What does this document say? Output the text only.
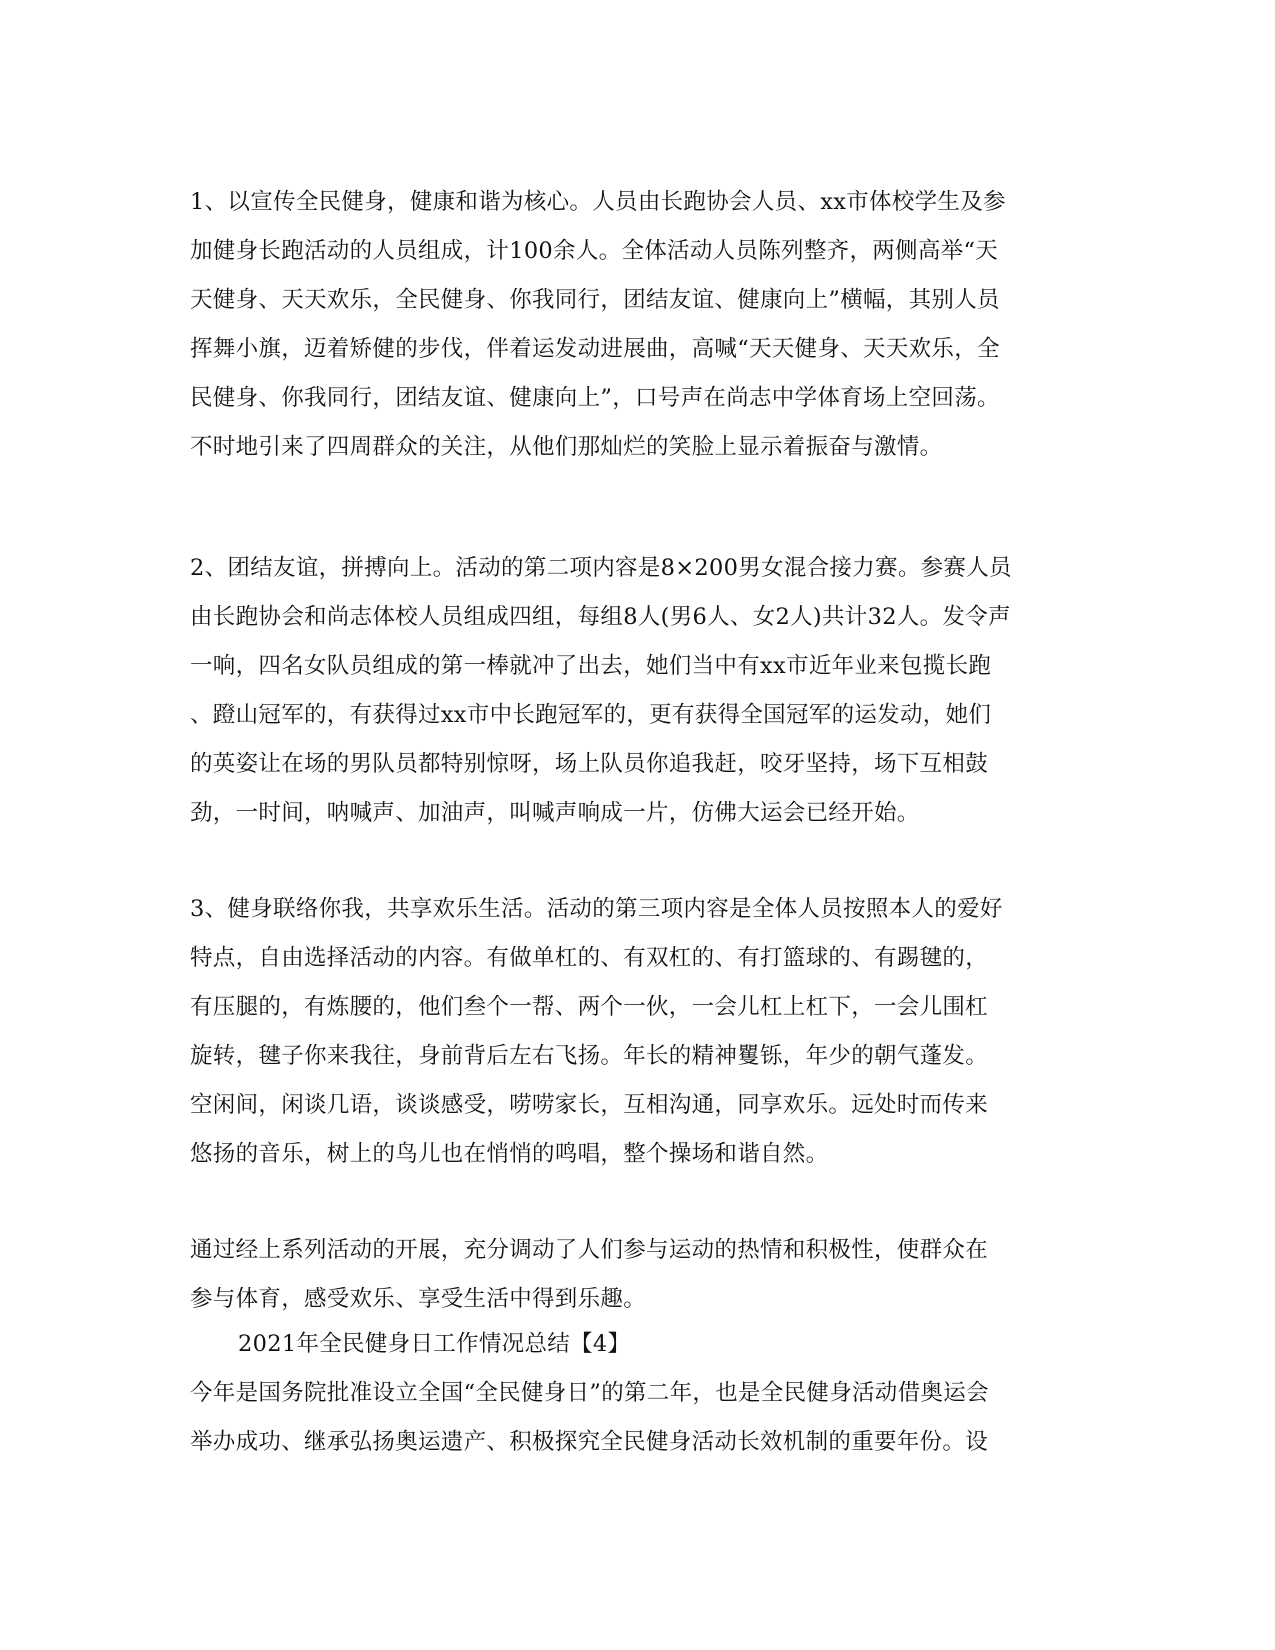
1、以宣传全民健身，健康和谐为核心。人员由长跑协会人员、xx市体校学生及参
加健身长跑活动的人员组成，计100余人。全体活动人员陈列整齐，两侧高举“天
天健身、天天欢乐，全民健身、你我同行，团结友谊、健康向上”横幅，其别人员
挥舞小旗，迈着矫健的步伐，伴着运发动进展曲，高喊“天天健身、天天欢乐，全
民健身、你我同行，团结友谊、健康向上”，口号声在尚志中学体育场上空回荡。
不时地引来了四周群众的关注，从他们那灿烂的笑脸上显示着振奋与激情。
2、团结友谊，拼搏向上。活动的第二项内容是8×200男女混合接力赛。参赛人员
由长跑协会和尚志体校人员组成四组，每组8人(男6人、女2人)共计32人。发令声
一响，四名女队员组成的第一棒就冲了出去，她们当中有xx市近年业来包揽长跑
、蹬山冠军的，有获得过xx市中长跑冠军的，更有获得全国冠军的运发动，她们
的英姿让在场的男队员都特别惊呀，场上队员你追我赶，咬牙坚持，场下互相鼓
劲，一时间，呐喊声、加油声，叫喊声响成一片，仿佛大运会已经开始。
3、健身联络你我，共享欢乐生活。活动的第三项内容是全体人员按照本人的爱好
特点，自由选择活动的内容。有做单杠的、有双杠的、有打篮球的、有踢毽的，
有压腿的，有炼腰的，他们叁个一帮、两个一伙，一会儿杠上杠下，一会儿围杠
旋转，毽子你来我往，身前背后左右飞扬。年长的精神矍铄，年少的朝气蓬发。
空闲间，闲谈几语，谈谈感受，唠唠家长，互相沟通，同享欢乐。远处时而传来
悠扬的音乐，树上的鸟儿也在悄悄的鸣唱，整个操场和谐自然。
通过经上系列活动的开展，充分调动了人们参与运动的热情和积极性，使群众在
参与体育，感受欢乐、享受生活中得到乐趣。
2021年全民健身日工作情况总结【4】
今年是国务院批准设立全国“全民健身日”的第二年，也是全民健身活动借奥运会
举办成功、继承弘扬奥运遗产、积极探究全民健身活动长效机制的重要年份。设
